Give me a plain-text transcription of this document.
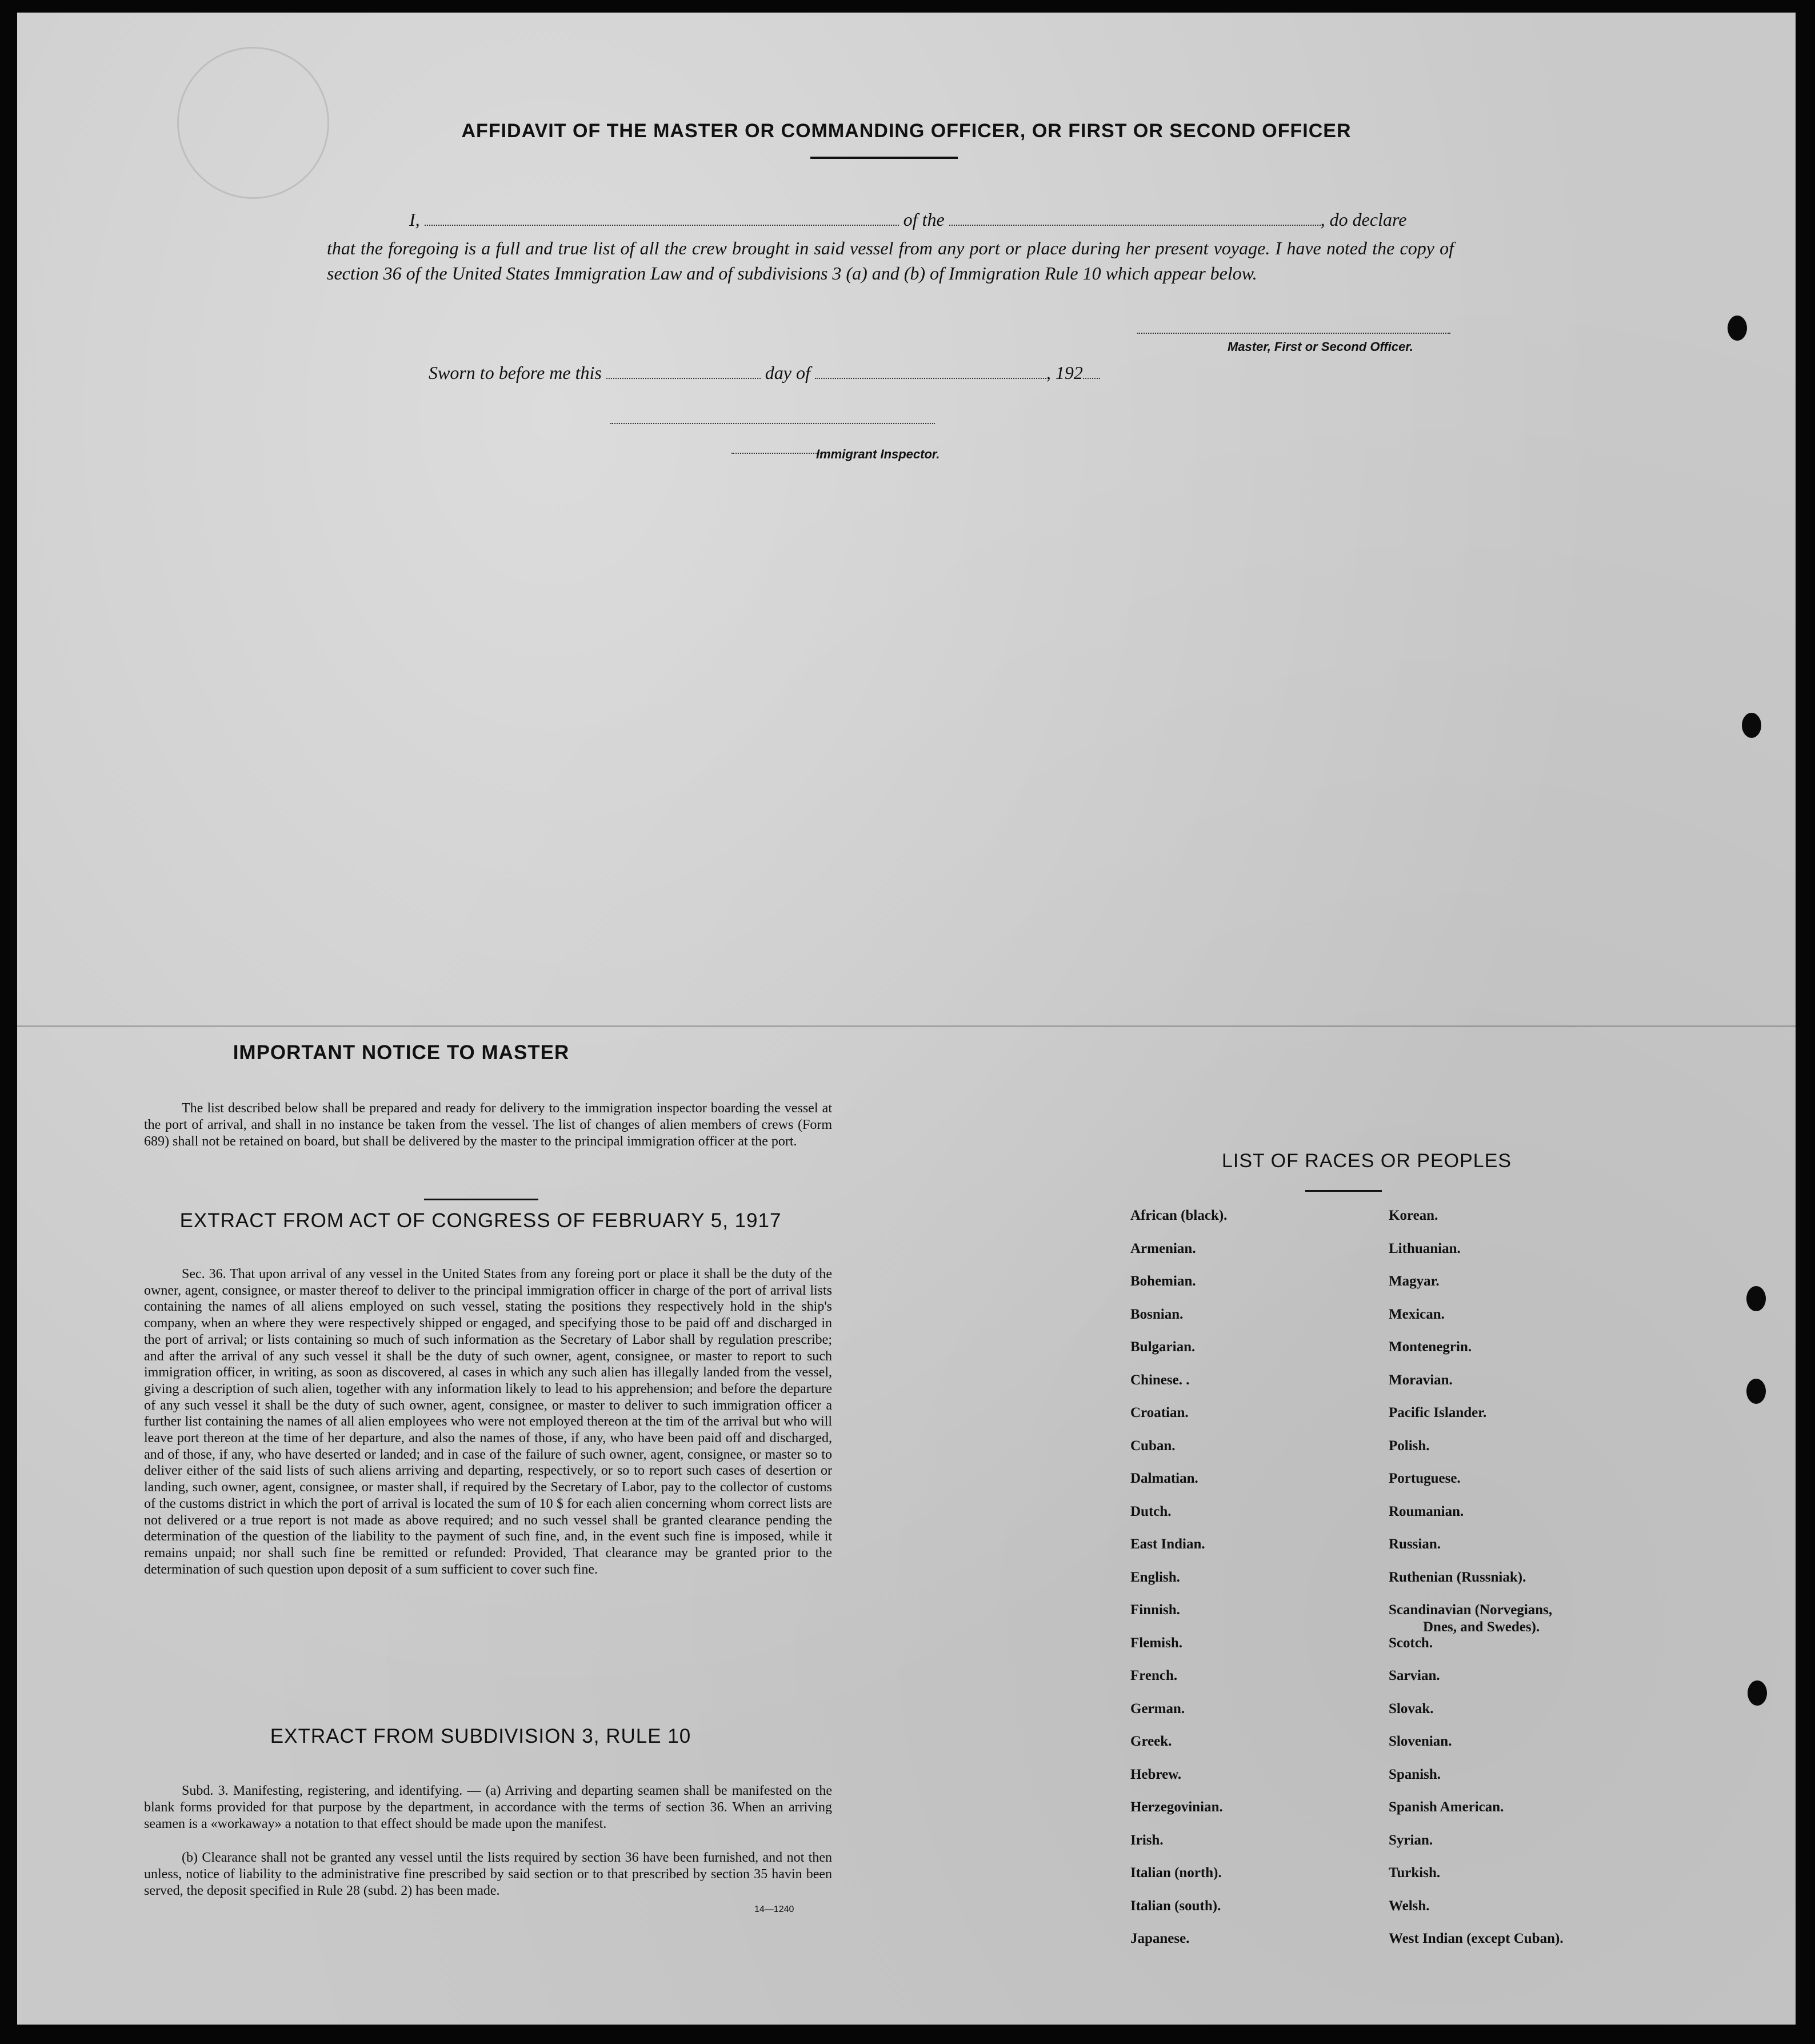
AFFIDAVIT OF THE MASTER OR COMMANDING OFFICER, OR FIRST OR SECOND OFFICER
I,	of the	, do declare
that the foregoing is a full and true list of all the crew brought in said vessel from any port or place during her present voyage. I have noted the copy of section 36 of the United States Immigration Law and of subdivisions 3 (a) and (b) of Immigration Rule 10 which appear below.
Master, First or Second Officer.
Sworn to before me this	day of	, 192
Immigrant Inspector.
IMPORTANT NOTICE TO MASTER
The list described below shall be prepared and ready for delivery to the immigration inspector boarding the vessel at the port of arrival, and shall in no instance be taken from the vessel. The list of changes of alien members of crews (Form 689) shall not be retained on board, but shall be delivered by the master to the principal immigration officer at the port.
EXTRACT FROM ACT OF CONGRESS OF FEBRUARY 5, 1917
Sec. 36. That upon arrival of any vessel in the United States from any foreing port or place it shall be the duty of the owner, agent, consignee, or master thereof to deliver to the principal immigration officer in charge of the port of arrival lists containing the names of all aliens employed on such vessel, stating the positions they respectively hold in the ship's company, when an where they were respectively shipped or engaged, and specifying those to be paid off and discharged in the port of arrival; or lists containing so much of such information as the Secretary of Labor shall by regulation prescribe; and after the arrival of any such vessel it shall be the duty of such owner, agent, consignee, or master to report to such immigration officer, in writing, as soon as discovered, al cases in which any such alien has illegally landed from the vessel, giving a description of such alien, together with any information likely to lead to his apprehension; and before the departure of any such vessel it shall be the duty of such owner, agent, consignee, or master to deliver to such immigration officer a further list containing the names of all alien employees who were not employed thereon at the tim of the arrival but who will leave port thereon at the time of her departure, and also the names of those, if any, who have been paid off and discharged, and of those, if any, who have deserted or landed; and in case of the failure of such owner, agent, consignee, or master so to deliver either of the said lists of such aliens arriving and departing, respectively, or so to report such cases of desertion or landing, such owner, agent, consignee, or master shall, if required by the Secretary of Labor, pay to the collector of customs of the customs district in which the port of arrival is located the sum of 10 $ for each alien concerning whom correct lists are not delivered or a true report is not made as above required; and no such vessel shall be granted clearance pending the determination of the question of the liability to the payment of such fine, and, in the event such fine is imposed, while it remains unpaid; nor shall such fine be remitted or refunded: Provided, That clearance may be granted prior to the determination of such question upon deposit of a sum sufficient to cover such fine.
EXTRACT FROM SUBDIVISION 3, RULE 10
Subd. 3. Manifesting, registering, and identifying. — (a) Arriving and departing seamen shall be manifested on the blank forms provided for that purpose by the department, in accordance with the terms of section 36. When an arriving seamen is a «workaway» a notation to that effect should be made upon the manifest.
(b) Clearance shall not be granted any vessel until the lists required by section 36 have been furnished, and not then unless, notice of liability to the administrative fine prescribed by said section or to that prescribed by section 35 havin been served, the deposit specified in Rule 28 (subd. 2) has been made.
14—1240
LIST OF RACES OR PEOPLES
African (black).
Armenian.
Bohemian.
Bosnian.
Bulgarian.
Chinese. .
Croatian.
Cuban.
Dalmatian.
Dutch.
East Indian.
English.
Finnish.
Flemish.
French.
German.
Greek.
Hebrew.
Herzegovinian.
Irish.
Italian (north).
Italian (south).
Japanese.
Korean.
Lithuanian.
Magyar.
Mexican.
Montenegrin.
Moravian.
Pacific Islander.
Polish.
Portuguese.
Roumanian.
Russian.
Ruthenian (Russniak).
Scandinavian (Norvegians,
Dnes, and Swedes).
Scotch.
Sarvian.
Slovak.
Slovenian.
Spanish.
Spanish American.
Syrian.
Turkish.
Welsh.
West Indian (except Cuban).
